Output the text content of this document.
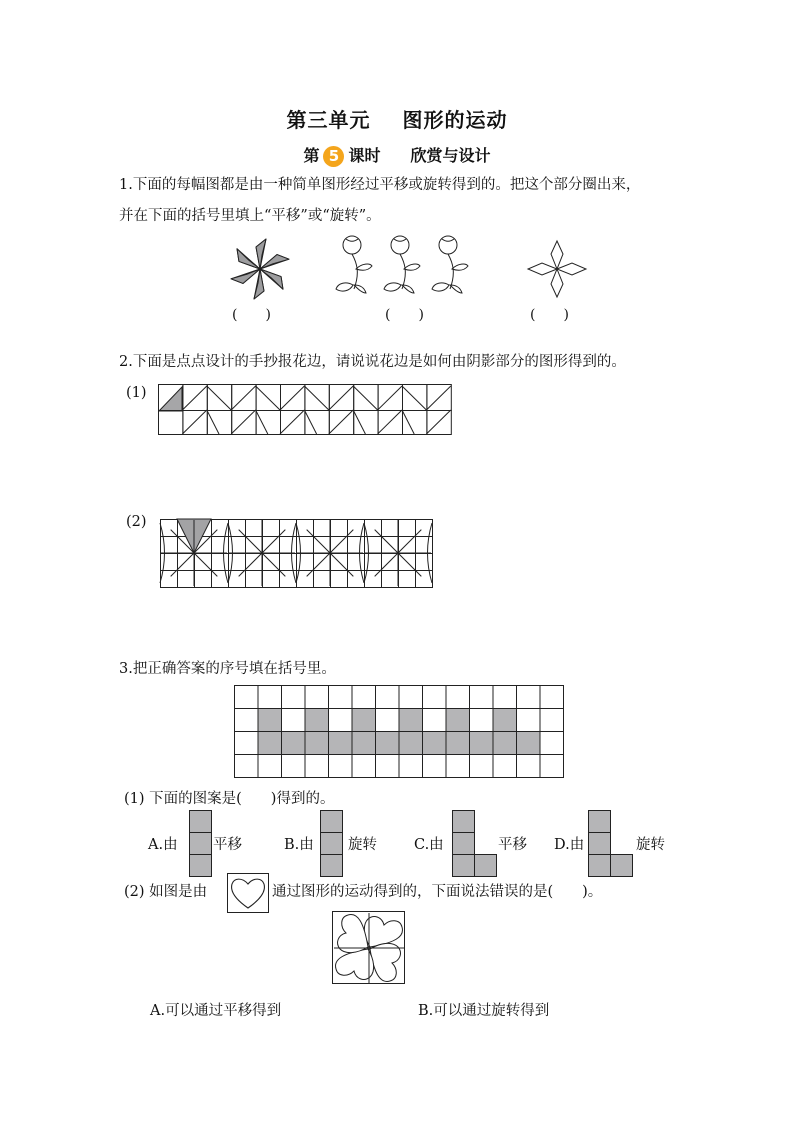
第三单元 图形的运动
第 5 课时 欣赏与设计
1.下面的每幅图都是由一种简单图形经过平移或旋转得到的。把这个部分圈出来，
并在下面的括号里填上“平移”或“旋转”。
(　　)	(　　)	(　　)
2.下面是点点设计的手抄报花边，请说说花边是如何由阴影部分的图形得到的。
(1)
(2)
3.把正确答案的序号填在括号里。
(1) 下面的图案是(　　)得到的。
A.由 平移	B.由 旋转	C.由	平移 D.由	旋转
(2) 如图是由	通过图形的运动得到的，下面说法错误的是(　　)。
A.可以通过平移得到	B.可以通过旋转得到
